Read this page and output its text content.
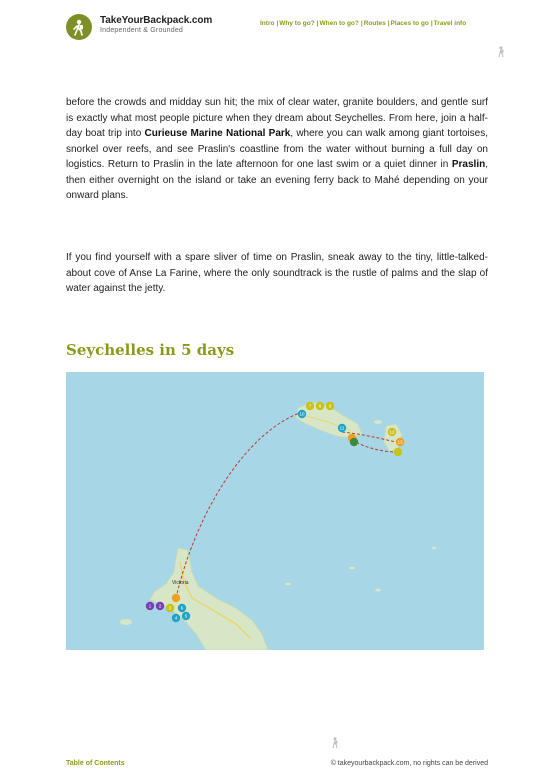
TakeYourBackpack.com
Independent & Grounded
Intro |Why to go? |When to go? |Routes |Places to go |Travel info
before the crowds and midday sun hit; the mix of clear water, granite boulders, and gentle surf is exactly what most people picture when they dream about Seychelles. From here, join a half-day boat trip into Curieuse Marine National Park, where you can walk among giant tortoises, snorkel over reefs, and see Praslin's coastline from the water without burning a full day on logistics. Return to Praslin in the late afternoon for one last swim or a quiet dinner in Praslin, then either overnight on the island or take an evening ferry back to Mahé depending on your onward plans.
If you find yourself with a spare sliver of time on Praslin, sneak away to the tiny, little-talked-about cove of Anse La Farine, where the only soundtrack is the rustle of palms and the slap of water against the jetty.
Seychelles in 5 days
1 2 3
4 5
6
7 8 9
10
11
12
13
Victoria
Table of Contents	© takeyourbackpack.com, no rights can be derived
